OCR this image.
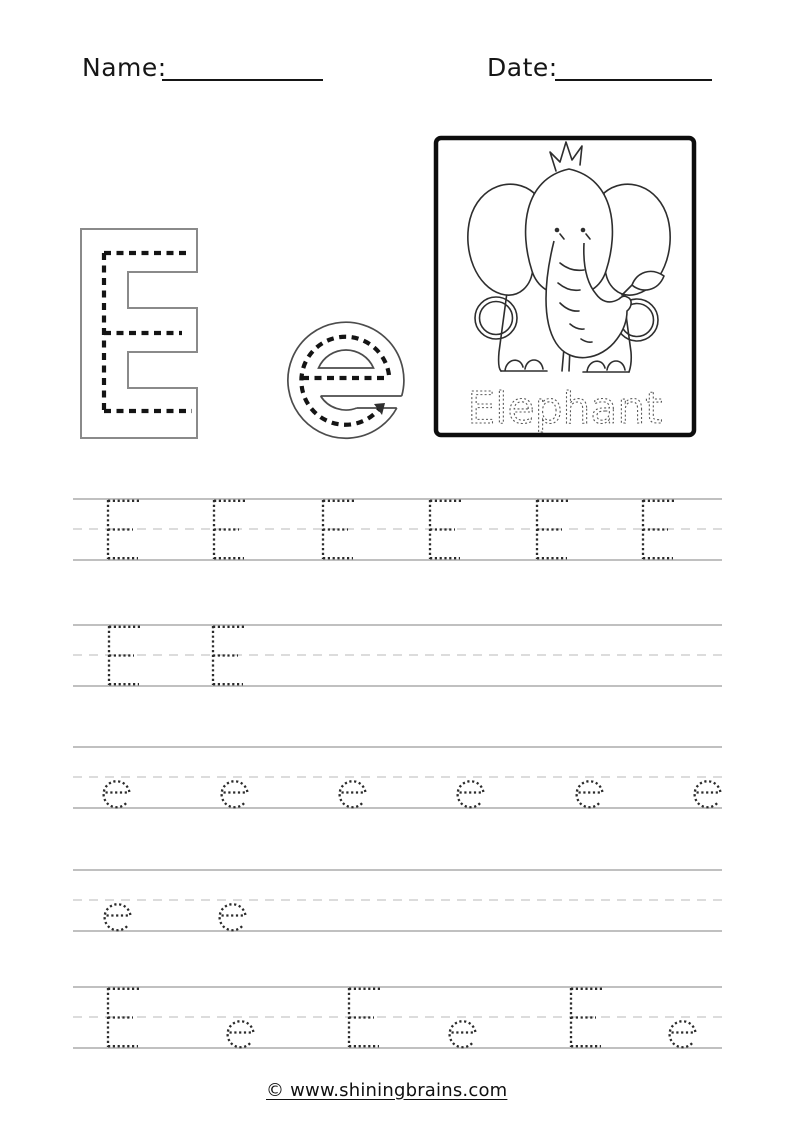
Name:	Date:
Elephant
© www.shiningbrains.com
